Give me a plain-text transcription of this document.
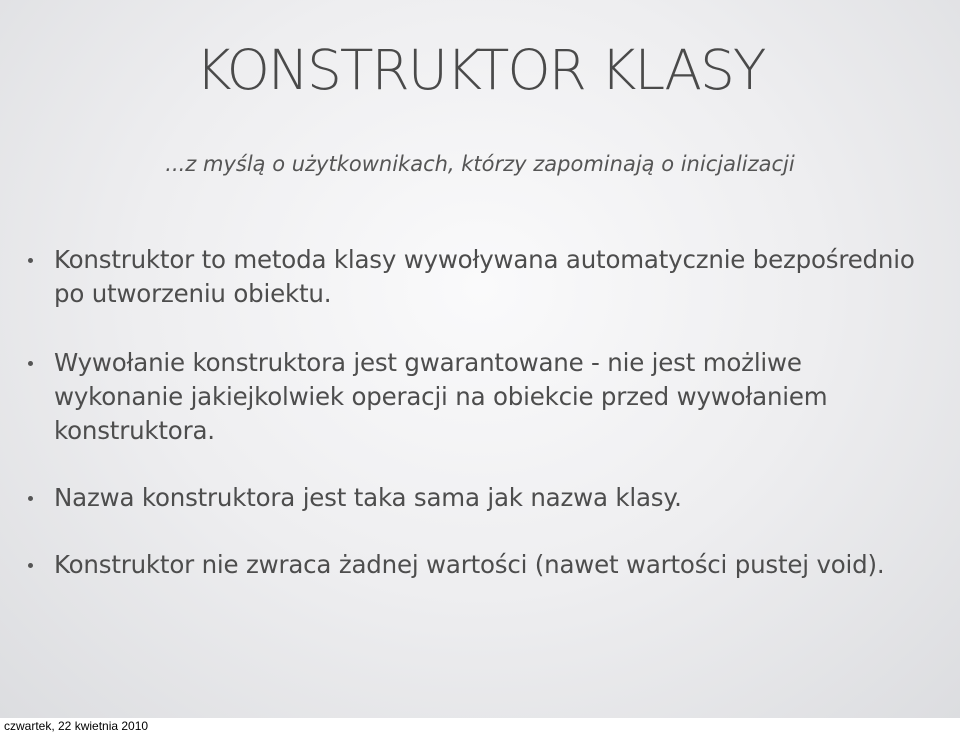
KONSTRUKTOR KLASY
...z myślą o użytkownikach, którzy zapominają o inicjalizacji
Konstruktor to metoda klasy wywoływana automatycznie bezpośrednio po utworzeniu obiektu.
Wywołanie konstruktora jest gwarantowane - nie jest możliwe wykonanie jakiejkolwiek operacji na obiekcie przed wywołaniem konstruktora.
Nazwa konstruktora jest taka sama jak nazwa klasy.
Konstruktor nie zwraca żadnej wartości (nawet wartości pustej void).
czwartek, 22 kwietnia 2010
